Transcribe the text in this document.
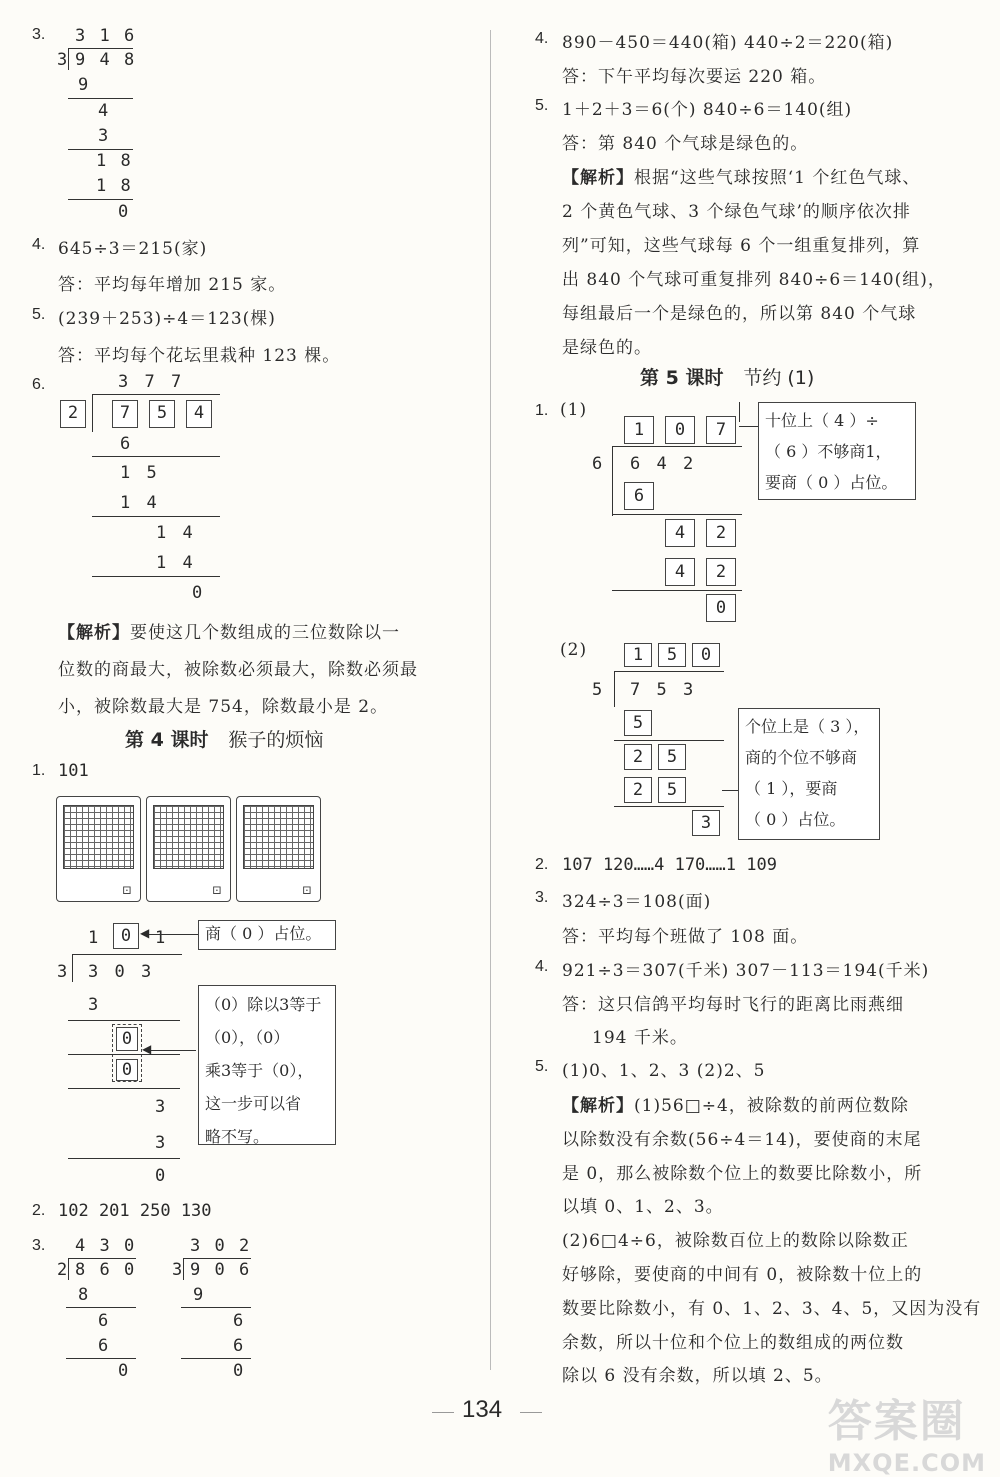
3. 3 1 6
3 9 4 8
9
4
3
1 8
1 8
0
4. 645÷3＝215(家)
答：平均每年增加 215 家。
5. (239＋253)÷4＝123(棵)
答：平均每个花坛里栽种 123 棵。
6.	3 7 7
2	7	5	4
6
1 5
1 4
1 4
1 4
0
【解析】要使这几个数组成的三位数除以一
位数的商最大，被除数必须最大，除数必须最
小，被除数最大是 754，除数最小是 2。
第 4 课时 猴子的烦恼
1. 101
⊡	⊡	⊡
1	0	1
◀	商（ 0 ）占位。
3 3 0 3
3
0
0
◀
（0）除以3等于
（0），（0）
乘3等于（0），
这一步可以省
略不写。
3
3
0
2. 102 201 250 130
3. 4 3 0
2 8 6 0
8
6
6
0
3 0 2
3 9 0 6
9
6
6
0
4. 890－450＝440(箱) 440÷2＝220(箱)
答：下午平均每次要运 220 箱。
5. 1＋2＋3＝6(个) 840÷6＝140(组)
答：第 840 个气球是绿色的。
【解析】根据“这些气球按照‘1 个红色气球、
2 个黄色气球、3 个绿色气球’的顺序依次排
列”可知，这些气球每 6 个一组重复排列，算
出 840 个气球可重复排列 840÷6＝140(组)，
每组最后一个是绿色的，所以第 840 个气球
是绿色的。
第 5 课时 节约 (1)
1. (1)
1	0	7
6 6 4 2
6
4	2
4	2
0
十位上（ 4 ）÷
（ 6 ）不够商1，
要商（ 0 ）占位。
(2)	1	5	0
5 7 5 3
5
2	5
2	5
3
个位上是（ 3 ），
商的个位不够商
（ 1 ），要商
（ 0 ）占位。
2. 107 120……4 170……1 109
3. 324÷3＝108(面)
答：平均每个班做了 108 面。
4. 921÷3＝307(千米) 307－113＝194(千米)
答：这只信鸽平均每时飞行的距离比雨燕细
194 千米。
5. (1)0、1、2、3 (2)2、5
【解析】(1)56□÷4，被除数的前两位数除
以除数没有余数(56÷4＝14)，要使商的末尾
是 0，那么被除数个位上的数要比除数小，所
以填 0、1、2、3。
(2)6□4÷6，被除数百位上的数除以除数正
好够除，要使商的中间有 0，被除数十位上的
数要比除数小，有 0、1、2、3、4、5，又因为没有
余数，所以十位和个位上的数组成的两位数
除以 6 没有余数，所以填 2、5。
134	答案圈
MXQE.COM
